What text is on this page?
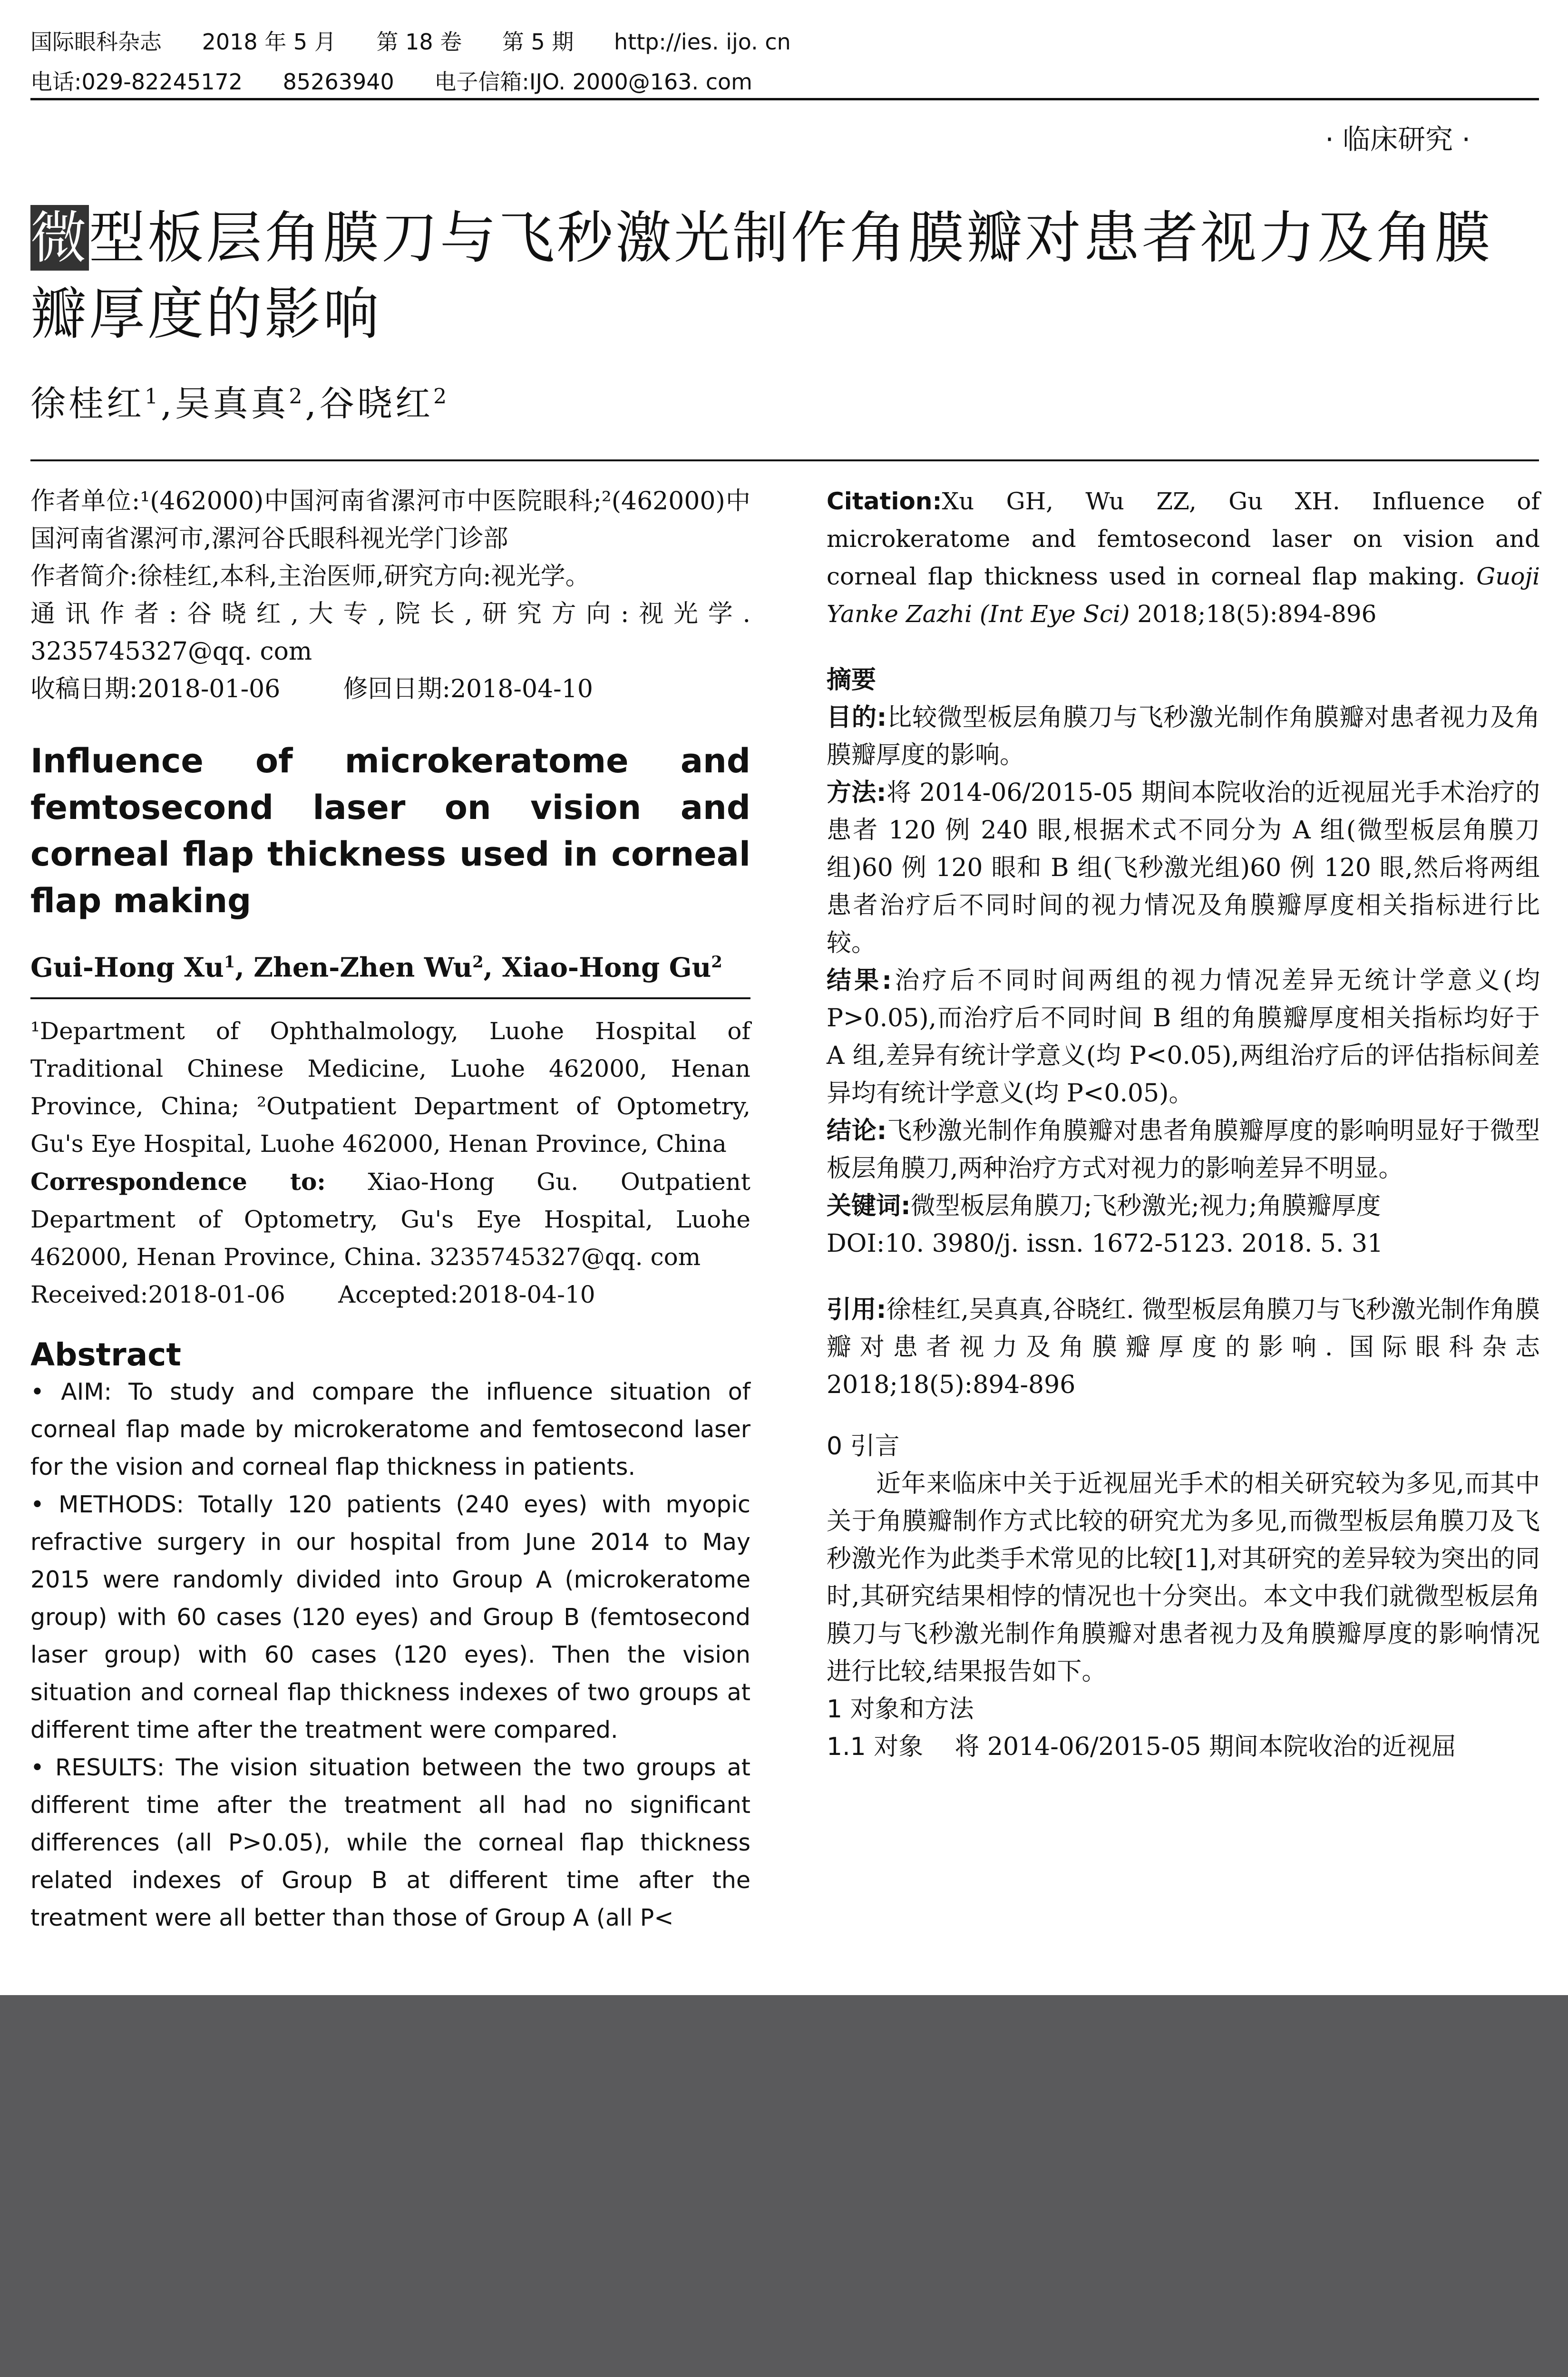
国际眼科杂志 2018 年 5 月 第 18 卷 第 5 期 http://ies. ijo. cn
电话:029-82245172 85263940 电子信箱:IJO. 2000@163. com
· 临床研究 ·
微型板层角膜刀与飞秒激光制作角膜瓣对患者视力及角膜瓣厚度的影响
徐桂红$^1$,吴真真$^2$,谷晓红$^2$

作者单位:¹(462000)中国河南省漯河市中医院眼科;²(462000)中国河南省漯河市,漯河谷氏眼科视光学门诊部

作者简介:徐桂红,本科,主治医师,研究方向:视光学。

通讯作者:谷晓红,大专,院长,研究方向:视光学. 3235745327@qq. com

收稿日期:2018-01-06	修回日期:2018-04-10

Influence of microkeratome and femtosecond laser on vision and corneal flap thickness used in corneal flap making

Gui-Hong Xu$^1$, Zhen-Zhen Wu$^2$, Xiao-Hong Gu$^2$

¹Department of Ophthalmology, Luohe Hospital of Traditional Chinese Medicine, Luohe 462000, Henan Province, China; ²Outpatient Department of Optometry, Gu's Eye Hospital, Luohe 462000, Henan Province, China

Correspondence to: Xiao-Hong Gu. Outpatient Department of Optometry, Gu's Eye Hospital, Luohe 462000, Henan Province, China. 3235745327@qq. com

Received:2018-01-06 Accepted:2018-04-10

Abstract

• AIM: To study and compare the influence situation of corneal flap made by microkeratome and femtosecond laser for the vision and corneal flap thickness in patients.

• METHODS: Totally 120 patients (240 eyes) with myopic refractive surgery in our hospital from June 2014 to May 2015 were randomly divided into Group A (microkeratome group) with 60 cases (120 eyes) and Group B (femtosecond laser group) with 60 cases (120 eyes). Then the vision situation and corneal flap thickness indexes of two groups at different time after the treatment were compared.

• RESULTS: The vision situation between the two groups at different time after the treatment all had no significant differences (all P>0.05), while the corneal flap thickness related indexes of Group B at different time after the treatment were all better than those of Group A (all P<

Citation:Xu GH, Wu ZZ, Gu XH. Influence of microkeratome and femtosecond laser on vision and corneal flap thickness used in corneal flap making. Guoji Yanke Zazhi (Int Eye Sci) 2018;18(5):894-896

摘要

目的:比较微型板层角膜刀与飞秒激光制作角膜瓣对患者视力及角膜瓣厚度的影响。

方法:将 2014-06/2015-05 期间本院收治的近视屈光手术治疗的患者 120 例 240 眼,根据术式不同分为 A 组(微型板层角膜刀组)60 例 120 眼和 B 组(飞秒激光组)60 例 120 眼,然后将两组患者治疗后不同时间的视力情况及角膜瓣厚度相关指标进行比较。

结果:治疗后不同时间两组的视力情况差异无统计学意义(均 P>0.05),而治疗后不同时间 B 组的角膜瓣厚度相关指标均好于 A 组,差异有统计学意义(均 P<0.05),两组治疗后的评估指标间差异均有统计学意义(均 P<0.05)。

结论:飞秒激光制作角膜瓣对患者角膜瓣厚度的影响明显好于微型板层角膜刀,两种治疗方式对视力的影响差异不明显。

关键词:微型板层角膜刀;飞秒激光;视力;角膜瓣厚度

DOI:10. 3980/j. issn. 1672-5123. 2018. 5. 31

引用:徐桂红,吴真真,谷晓红. 微型板层角膜刀与飞秒激光制作角膜瓣对患者视力及角膜瓣厚度的影响. 国际眼科杂志 2018;18(5):894-896

0 引言

近年来临床中关于近视屈光手术的相关研究较为多见,而其中关于角膜瓣制作方式比较的研究尤为多见,而微型板层角膜刀及飞秒激光作为此类手术常见的比较[1],对其研究的差异较为突出的同时,其研究结果相悖的情况也十分突出。本文中我们就微型板层角膜刀与飞秒激光制作角膜瓣对患者视力及角膜瓣厚度的影响情况进行比较,结果报告如下。

1 对象和方法

1.1 对象 将 2014-06/2015-05 期间本院收治的近视屈
